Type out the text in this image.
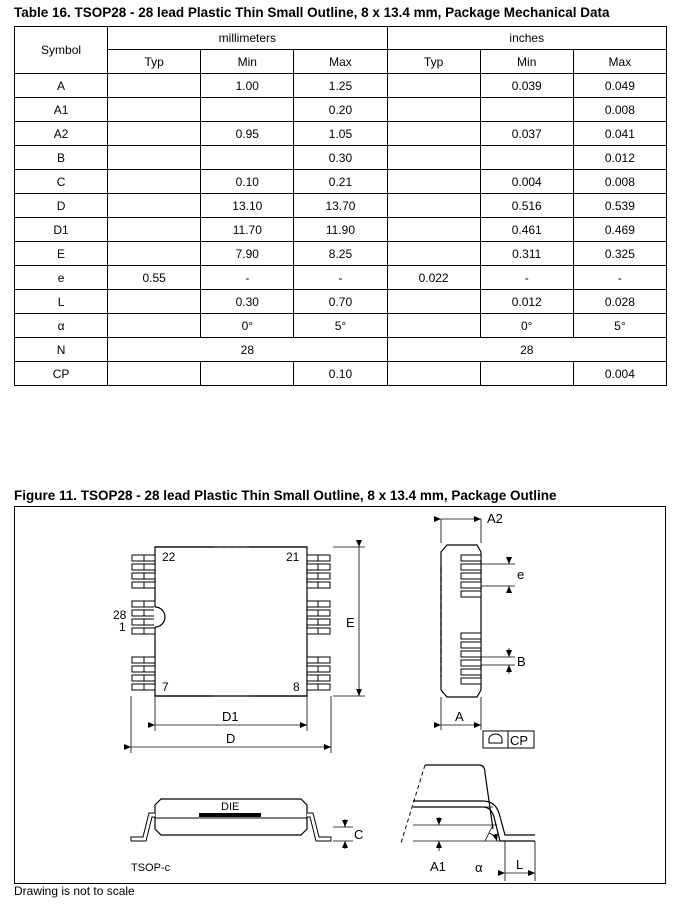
Table 16. TSOP28 - 28 lead Plastic Thin Small Outline, 8 x 13.4 mm, Package Mechanical Data
Symbol	millimeters			inches		
	Typ	Min	Max	Typ	Min	Max
A		1.00	1.25		0.039	0.049
A1			0.20			0.008
A2		0.95	1.05		0.037	0.041
B			0.30			0.012
C		0.10	0.21		0.004	0.008
D		13.10	13.70		0.516	0.539
D1		11.70	11.90		0.461	0.469
E		7.90	8.25		0.311	0.325
e	0.55	-	-	0.022	-	-
L		0.30	0.70		0.012	0.028
α		0°	5°		0°	5°
N	28			28		
CP			0.10			0.004
Figure 11. TSOP28 - 28 lead Plastic Thin Small Outline, 8 x 13.4 mm, Package Outline
22	21
28
1
7	8
E
D1
D
A2
e
B
A
CP
DIE
C
TSOP-c	A1 α	L
Drawing is not to scale
